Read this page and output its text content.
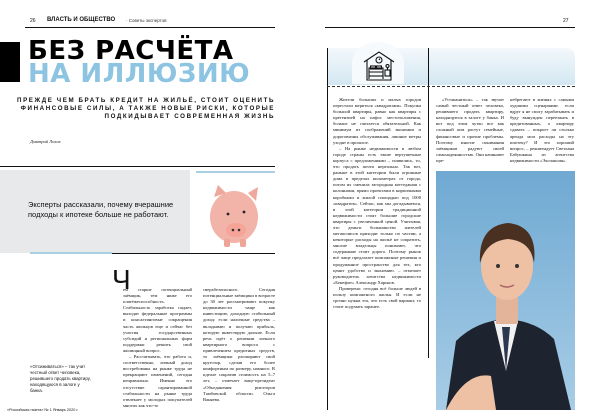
26 ВЛАСТЬ И ОБЩЕСТВО · Советы экспертов
БЕЗ РАСЧЁТА
НА ИЛЛЮЗИЮ
ПРЕЖДЕ ЧЕМ БРАТЬ КРЕДИТ НА ЖИЛЬЁ, СТОИТ ОЦЕНИТЬ ФИНАНСОВЫЕ СИЛЫ, А ТАКЖЕ НОВЫЕ РИСКИ, КОТОРЫЕ ПОДКИДЫВАЕТ СОВРЕМЕННАЯ ЖИЗНЬ
Дмитрий Лолов
Эксперты рассказали, почему вчерашние подходы к ипотеке больше не работают.
Ч
ем старше потенциальный заёмщик, тем ниже его платёжеспособность. Стабильность заработка падает, выходят федеральные программы и консалтинговые сокращения часть жильцов еще и сейчас без участия государственных субсидий и региональных форм поддержки решить свой жилищный вопрос.

– Рассчитывать, что работа и, соответственно, личный доход востребованы на рынке труда не прекращают изменений, сегодня неправильно. Именно это отсутствие гарантированной стабильности на рынке труда отвлекает у молодых покупателей многих как что-то

сверхбезопасного. Сегодня потенциальные заёмщики в возрасте до 30 лет рассматривают покупку недвижимости чаще как инвестицию, доходную стабильный доход: если наличные средства – вкладываю и получаю прибыль, которую инвестирую дальше. Если речь идёт о решении личного квартирного вопроса с привлечением кредитных средств, то заёмщики расширяют свой кругозор, сделав его более комфортным по размеру, намного. В идеале сократив стоимость на 5–7 лет, – отмечает вице-президент «Объединения риелторов Тамбовской области» Ольга Ваняева.
«Отсиживаться» – так учит честный ответ человека, решившего продать квартиру, находящуюся в залоге у банка.
«Российская газета» № 1 Январь 2020 г.
27

Жители больших и малых городов перестали мериться «квадратами». Покупка большой квартиры, равно как квартиры с претензией на пафос местоположения, больше не считается обязательной. Как минимум из соображений экономии и дороговизны обслуживания, лишние метры уходят в прошлое.

– На рынке недвижимости в любом городе страны есть такие вертушечные корпуса с предложениями – появились, то, что продать почти нереально. Так вот, раньше в этой категории были огромные дома в пределах километрах от города, потом их сменила загородная коттеджная с колоннами, прямо проектами в кирпичными коробками и жилой площадью под 1000 «квадратов». Сейчас, как мы догадываемся, в этой категории традиционной недвижимости стоят большие городские квартиры с увеличенной ценой. Учитывая, что деньги большинство жителей мегаполисов приходят только по частям, а некоторые расходы на жильё не сократить, многие владельцы понимают, что содержание стоит дорого. Поэтому рынок всё чаще предлагает компактные решения и продуманное пространство для тех, кто ценит удобство и экономию. – отмечает руководитель агентства недвижимости «Бенефит» Александр Харьков.

Проверено: сегодня всё больше людей в пользу компактного жилья. И если не срочно нужна эта, что есть свой вариант, то стоит подумать заранее.

«Устаканиться» – так звучит самый честный ответ человека, решившего продать квартиру, находящуюся в залоге у банка. И вот под этим чутко все как сложный ком растут семейные, финансовые и прочие проблемы. Поэтому многие понимания заёмщиков радуют своей самонадеянностью. Они начинают пре-

небрегают в жизнях с самыми худшими сценариями: если вдруг я не смогу зарабатывать и буду вынужден переезжать в кредитованных, а квартиру сдавать – покроет ли столько аренда мои расходы на эту ипотеку? И это хороший вопрос, – рекомендует Светлана Бабушкина из агентства недвижимости «Экспансия».
